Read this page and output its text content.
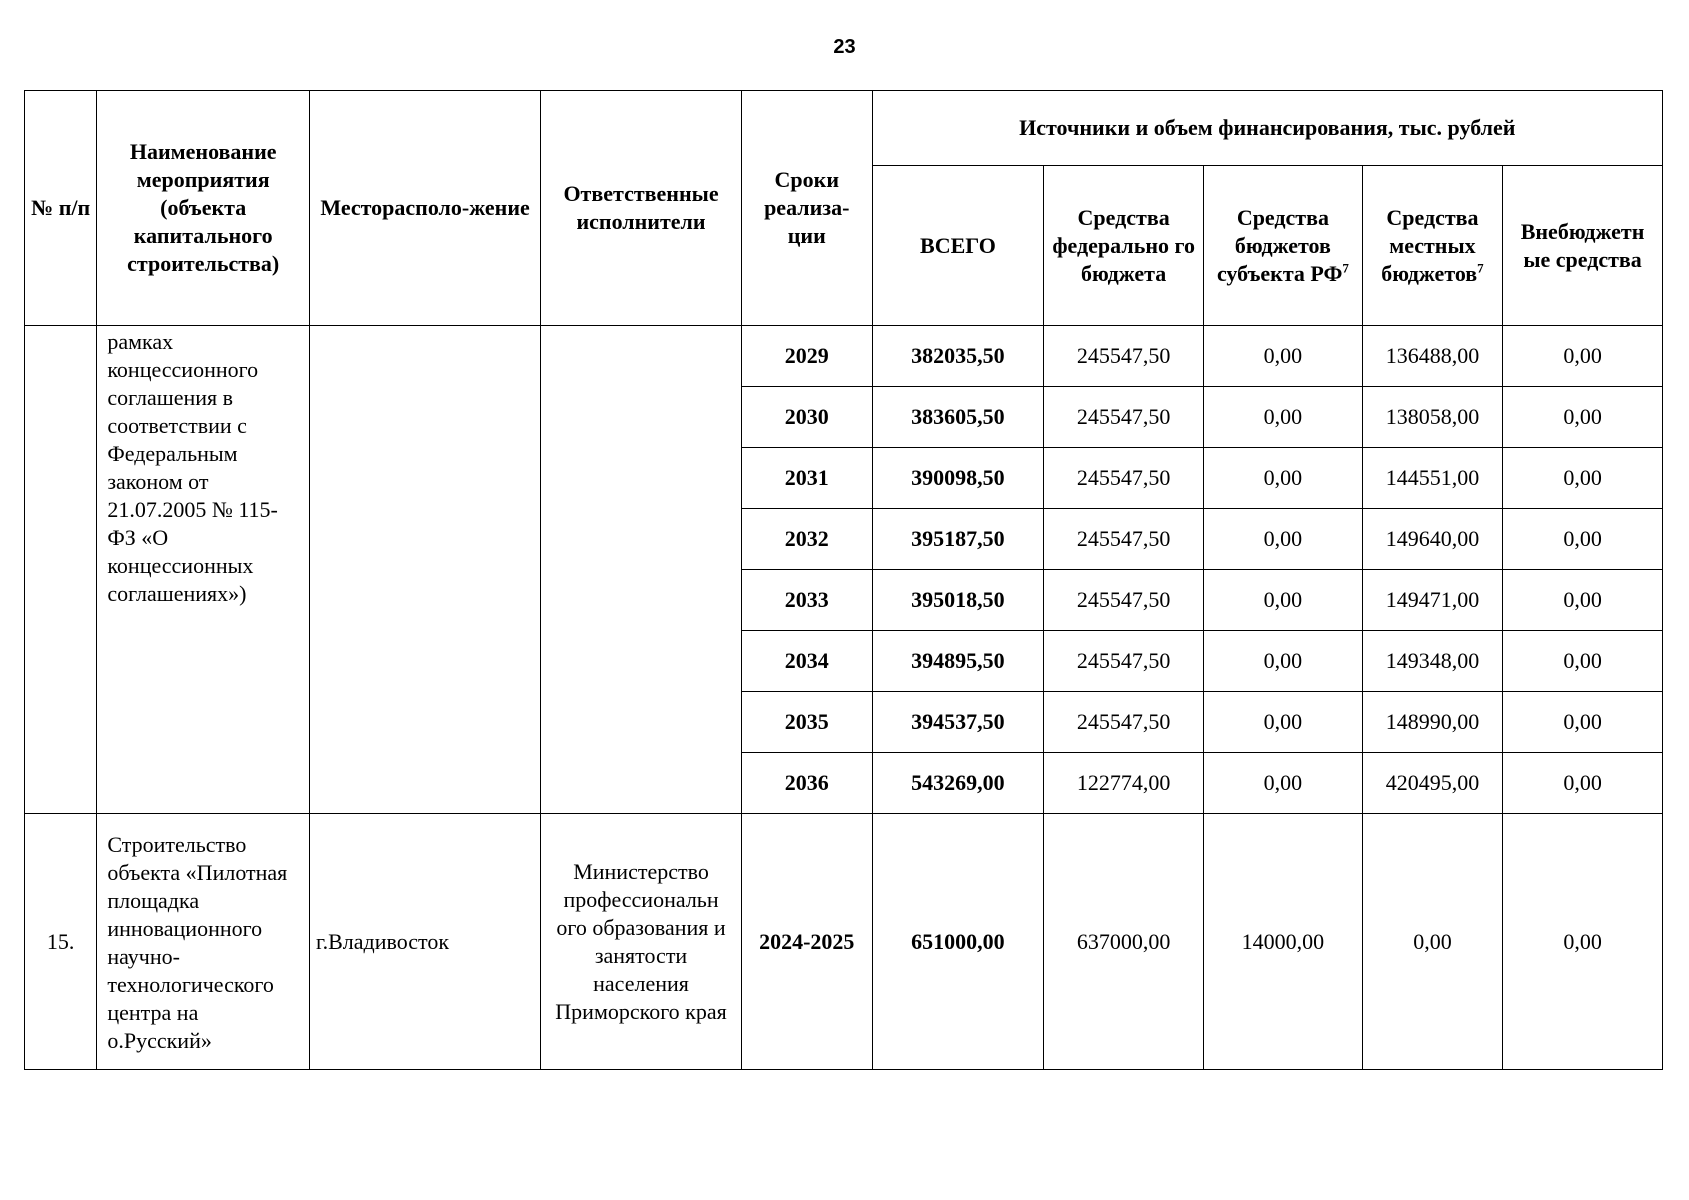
23
№ п/п	Наименование мероприятия (объекта капитального строительства)	Месторасполо-жение	Ответственные исполнители	Сроки реализа-ции	Источники и объем финансирования, тыс. рублей				
					ВСЕГО	Средства федерально го бюджета	Средства бюджетов субъекта $РФ^7$	Средства местных бюджетов$^7$	Внебюджетн ые средства
	рамках концессионного соглашения в соответствии с Федеральным законом от 21.07.2005 № 115-ФЗ «О концессионных соглашениях»)			2029	382035,50	245547,50	0,00	136488,00	0,00
				2030	383605,50	245547,50	0,00	138058,00	0,00
				2031	390098,50	245547,50	0,00	144551,00	0,00
				2032	395187,50	245547,50	0,00	149640,00	0,00
				2033	395018,50	245547,50	0,00	149471,00	0,00
				2034	394895,50	245547,50	0,00	149348,00	0,00
				2035	394537,50	245547,50	0,00	148990,00	0,00
				2036	543269,00	122774,00	0,00	420495,00	0,00
15.	Строительство объекта «Пилотная площадка инновационного научно-технологического центра на о.Русский»	г.Владивосток	Министерство профессиональн ого образования и занятости населения Приморского края	2024-2025	651000,00	637000,00	14000,00	0,00	0,00
